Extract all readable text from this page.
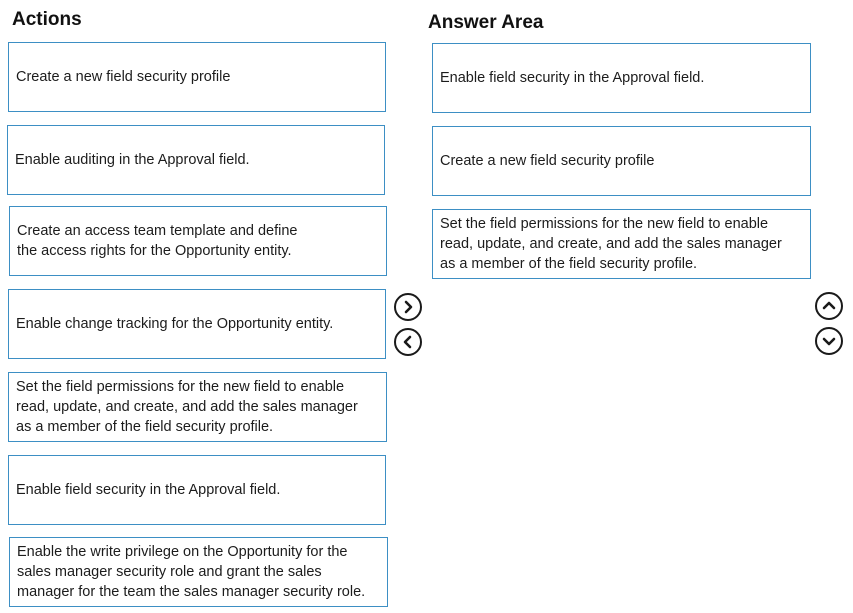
Actions	Answer Area
Create a new field security profile
Enable auditing in the Approval field.
Create an access team template and define
the access rights for the Opportunity entity.
Enable change tracking for the Opportunity entity.
Set the field permissions for the new field to enable
read, update, and create, and add the sales manager
as a member of the field security profile.
Enable field security in the Approval field.
Enable the write privilege on the Opportunity for the
sales manager security role and grant the sales
manager for the team the sales manager security role.
Enable field security in the Approval field.
Create a new field security profile
Set the field permissions for the new field to enable
read, update, and create, and add the sales manager
as a member of the field security profile.
